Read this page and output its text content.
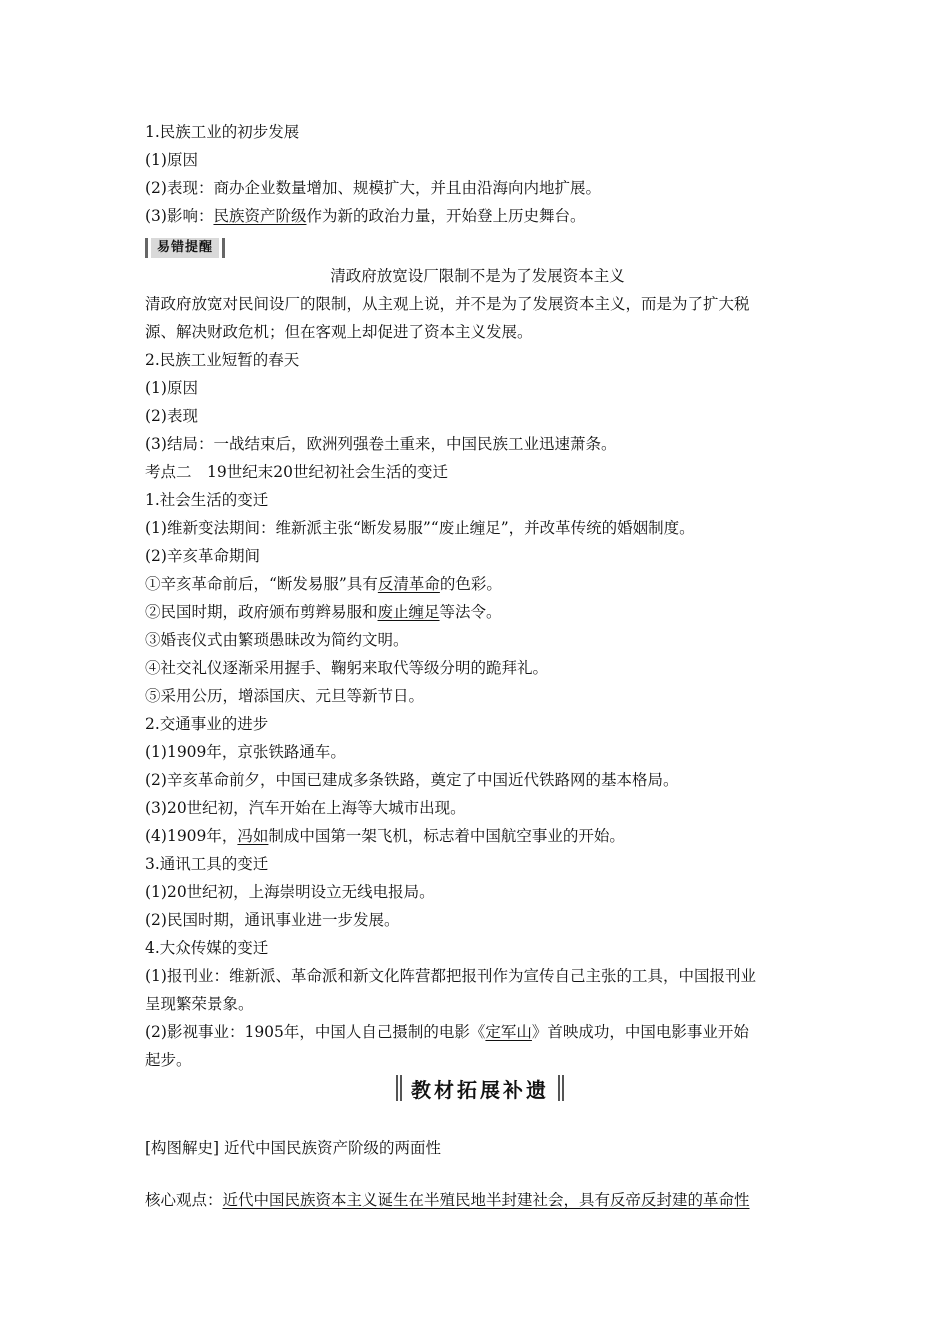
1.民族工业的初步发展
(1)原因
(2)表现：商办企业数量增加、规模扩大，并且由沿海向内地扩展。
(3)影响：民族资产阶级作为新的政治力量，开始登上历史舞台。
易错提醒
清政府放宽设厂限制不是为了发展资本主义
清政府放宽对民间设厂的限制，从主观上说，并不是为了发展资本主义，而是为了扩大税
源、解决财政危机；但在客观上却促进了资本主义发展。
2.民族工业短暂的春天
(1)原因
(2)表现
(3)结局：一战结束后，欧洲列强卷土重来，中国民族工业迅速萧条。
考点二　19世纪末20世纪初社会生活的变迁
1.社会生活的变迁
(1)维新变法期间：维新派主张“断发易服”“废止缠足”，并改革传统的婚姻制度。
(2)辛亥革命期间
①辛亥革命前后，“断发易服”具有反清革命的色彩。
②民国时期，政府颁布剪辫易服和废止缠足等法令。
③婚丧仪式由繁琐愚昧改为简约文明。
④社交礼仪逐渐采用握手、鞠躬来取代等级分明的跪拜礼。
⑤采用公历，增添国庆、元旦等新节日。
2.交通事业的进步
(1)1909年，京张铁路通车。
(2)辛亥革命前夕，中国已建成多条铁路，奠定了中国近代铁路网的基本格局。
(3)20世纪初，汽车开始在上海等大城市出现。
(4)1909年，冯如制成中国第一架飞机，标志着中国航空事业的开始。
3.通讯工具的变迁
(1)20世纪初，上海崇明设立无线电报局。
(2)民国时期，通讯事业进一步发展。
4.大众传媒的变迁
(1)报刊业：维新派、革命派和新文化阵营都把报刊作为宣传自己主张的工具，中国报刊业
呈现繁荣景象。
(2)影视事业：1905年，中国人自己摄制的电影《定军山》首映成功，中国电影事业开始
起步。
教材拓展补遗
[构图解史] 近代中国民族资产阶级的两面性
核心观点：近代中国民族资本主义诞生在半殖民地半封建社会，具有反帝反封建的革命性
